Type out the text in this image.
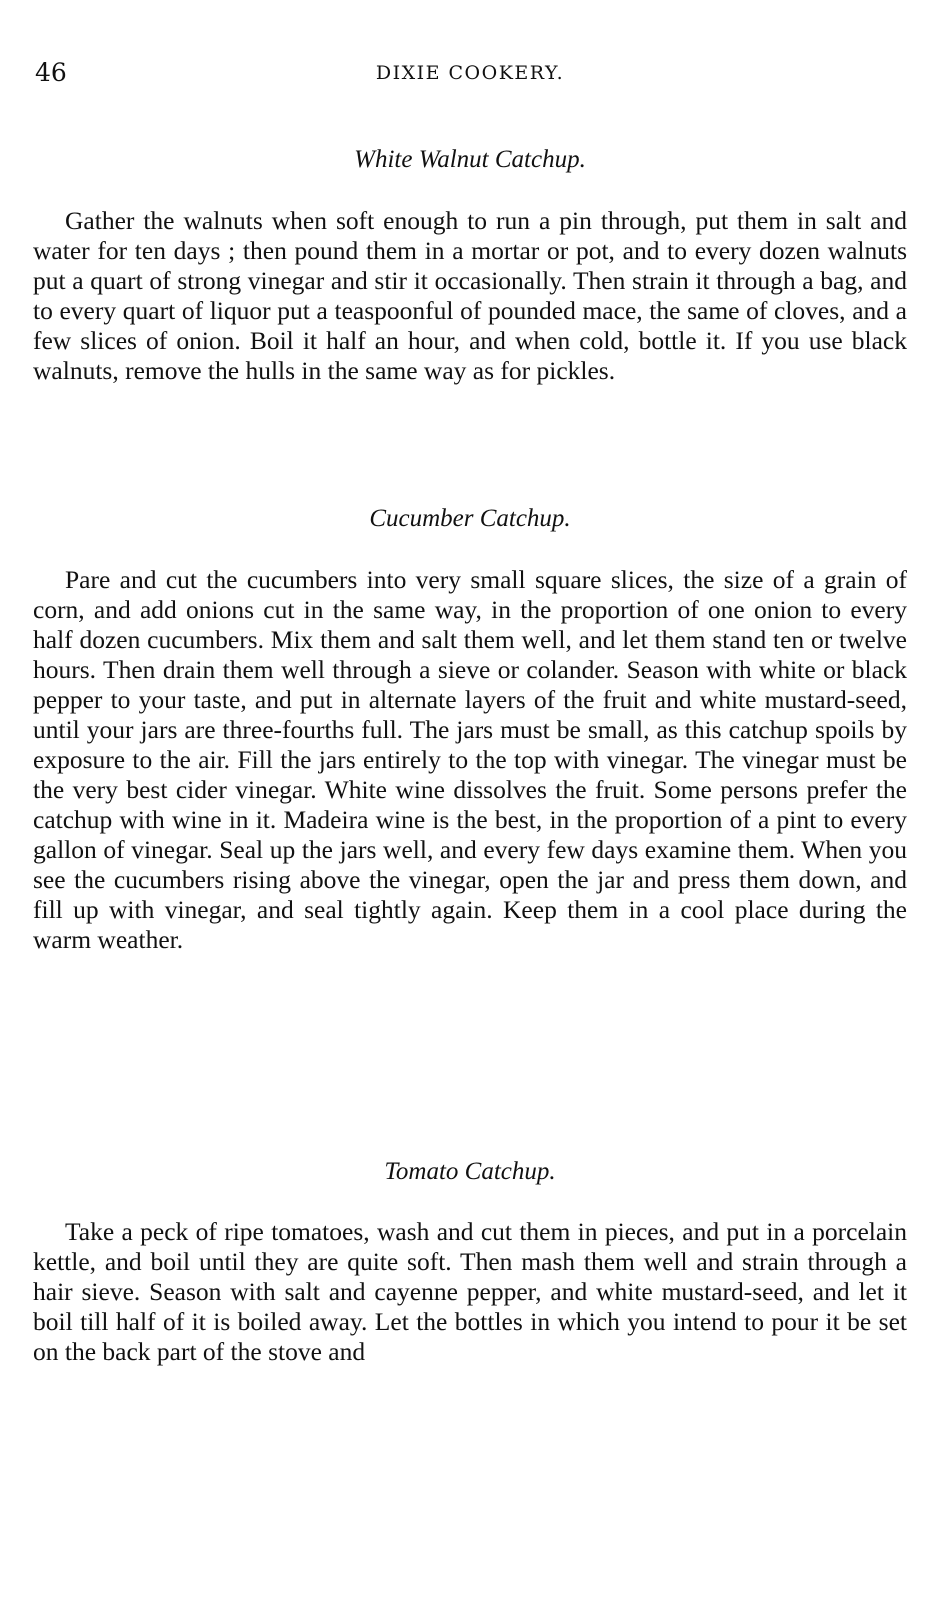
46	DIXIE COOKERY.
White Walnut Catchup.

Gather the walnuts when soft enough to run a pin through, put them in salt and water for ten days ; then pound them in a mortar or pot, and to every dozen walnuts put a quart of strong vinegar and stir it occasionally. Then strain it through a bag, and to every quart of liquor put a teaspoonful of pounded mace, the same of cloves, and a few slices of onion. Boil it half an hour, and when cold, bottle it. If you use black walnuts, remove the hulls in the same way as for pickles.

Cucumber Catchup.

Pare and cut the cucumbers into very small square slices, the size of a grain of corn, and add onions cut in the same way, in the proportion of one onion to every half dozen cucumbers. Mix them and salt them well, and let them stand ten or twelve hours. Then drain them well through a sieve or colander. Season with white or black pepper to your taste, and put in alternate layers of the fruit and white mustard-seed, until your jars are three-fourths full. The jars must be small, as this catchup spoils by exposure to the air. Fill the jars entirely to the top with vinegar. The vinegar must be the very best cider vinegar. White wine dissolves the fruit. Some persons prefer the catchup with wine in it. Madeira wine is the best, in the proportion of a pint to every gallon of vinegar. Seal up the jars well, and every few days examine them. When you see the cucumbers rising above the vinegar, open the jar and press them down, and fill up with vinegar, and seal tightly again. Keep them in a cool place during the warm weather.

Tomato Catchup.

Take a peck of ripe tomatoes, wash and cut them in pieces, and put in a porcelain kettle, and boil until they are quite soft. Then mash them well and strain through a hair sieve. Season with salt and cayenne pepper, and white mustard-seed, and let it boil till half of it is boiled away. Let the bottles in which you intend to pour it be set on the back part of the stove and
